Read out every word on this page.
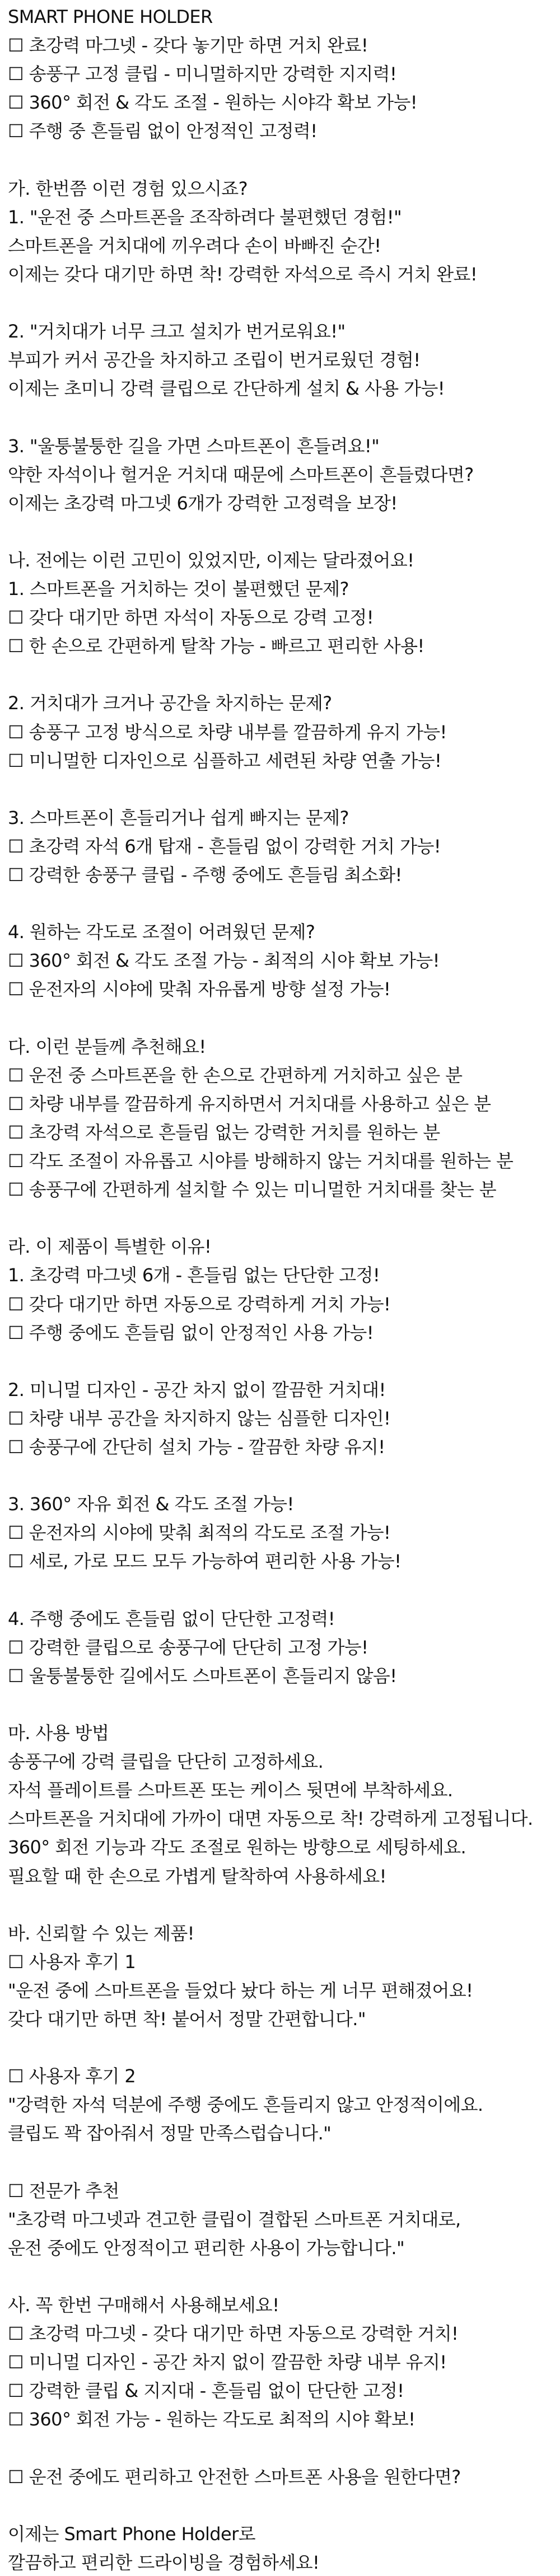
SMART PHONE HOLDER
☐ 초강력 마그넷 - 갖다 놓기만 하면 거치 완료!
☐ 송풍구 고정 클립 - 미니멀하지만 강력한 지지력!
☐ 360° 회전 & 각도 조절 - 원하는 시야각 확보 가능!
☐ 주행 중 흔들림 없이 안정적인 고정력!
가. 한번쯤 이런 경험 있으시죠?
1. "운전 중 스마트폰을 조작하려다 불편했던 경험!"
스마트폰을 거치대에 끼우려다 손이 바빠진 순간!
이제는 갖다 대기만 하면 착! 강력한 자석으로 즉시 거치 완료!
2. "거치대가 너무 크고 설치가 번거로워요!"
부피가 커서 공간을 차지하고 조립이 번거로웠던 경험!
이제는 초미니 강력 클립으로 간단하게 설치 & 사용 가능!
3. "울퉁불퉁한 길을 가면 스마트폰이 흔들려요!"
약한 자석이나 헐거운 거치대 때문에 스마트폰이 흔들렸다면?
이제는 초강력 마그넷 6개가 강력한 고정력을 보장!
나. 전에는 이런 고민이 있었지만, 이제는 달라졌어요!
1. 스마트폰을 거치하는 것이 불편했던 문제?
☐ 갖다 대기만 하면 자석이 자동으로 강력 고정!
☐ 한 손으로 간편하게 탈착 가능 - 빠르고 편리한 사용!
2. 거치대가 크거나 공간을 차지하는 문제?
☐ 송풍구 고정 방식으로 차량 내부를 깔끔하게 유지 가능!
☐ 미니멀한 디자인으로 심플하고 세련된 차량 연출 가능!
3. 스마트폰이 흔들리거나 쉽게 빠지는 문제?
☐ 초강력 자석 6개 탑재 - 흔들림 없이 강력한 거치 가능!
☐ 강력한 송풍구 클립 - 주행 중에도 흔들림 최소화!
4. 원하는 각도로 조절이 어려웠던 문제?
☐ 360° 회전 & 각도 조절 가능 - 최적의 시야 확보 가능!
☐ 운전자의 시야에 맞춰 자유롭게 방향 설정 가능!
다. 이런 분들께 추천해요!
☐ 운전 중 스마트폰을 한 손으로 간편하게 거치하고 싶은 분
☐ 차량 내부를 깔끔하게 유지하면서 거치대를 사용하고 싶은 분
☐ 초강력 자석으로 흔들림 없는 강력한 거치를 원하는 분
☐ 각도 조절이 자유롭고 시야를 방해하지 않는 거치대를 원하는 분
☐ 송풍구에 간편하게 설치할 수 있는 미니멀한 거치대를 찾는 분
라. 이 제품이 특별한 이유!
1. 초강력 마그넷 6개 - 흔들림 없는 단단한 고정!
☐ 갖다 대기만 하면 자동으로 강력하게 거치 가능!
☐ 주행 중에도 흔들림 없이 안정적인 사용 가능!
2. 미니멀 디자인 - 공간 차지 없이 깔끔한 거치대!
☐ 차량 내부 공간을 차지하지 않는 심플한 디자인!
☐ 송풍구에 간단히 설치 가능 - 깔끔한 차량 유지!
3. 360° 자유 회전 & 각도 조절 가능!
☐ 운전자의 시야에 맞춰 최적의 각도로 조절 가능!
☐ 세로, 가로 모드 모두 가능하여 편리한 사용 가능!
4. 주행 중에도 흔들림 없이 단단한 고정력!
☐ 강력한 클립으로 송풍구에 단단히 고정 가능!
☐ 울퉁불퉁한 길에서도 스마트폰이 흔들리지 않음!
마. 사용 방법
송풍구에 강력 클립을 단단히 고정하세요.
자석 플레이트를 스마트폰 또는 케이스 뒷면에 부착하세요.
스마트폰을 거치대에 가까이 대면 자동으로 착! 강력하게 고정됩니다.
360° 회전 기능과 각도 조절로 원하는 방향으로 세팅하세요.
필요할 때 한 손으로 가볍게 탈착하여 사용하세요!
바. 신뢰할 수 있는 제품!
☐ 사용자 후기 1
"운전 중에 스마트폰을 들었다 놨다 하는 게 너무 편해졌어요!
갖다 대기만 하면 착! 붙어서 정말 간편합니다."
☐ 사용자 후기 2
"강력한 자석 덕분에 주행 중에도 흔들리지 않고 안정적이에요.
클립도 꽉 잡아줘서 정말 만족스럽습니다."
☐ 전문가 추천
"초강력 마그넷과 견고한 클립이 결합된 스마트폰 거치대로,
운전 중에도 안정적이고 편리한 사용이 가능합니다."
사. 꼭 한번 구매해서 사용해보세요!
☐ 초강력 마그넷 - 갖다 대기만 하면 자동으로 강력한 거치!
☐ 미니멀 디자인 - 공간 차지 없이 깔끔한 차량 내부 유지!
☐ 강력한 클립 & 지지대 - 흔들림 없이 단단한 고정!
☐ 360° 회전 가능 - 원하는 각도로 최적의 시야 확보!
☐ 운전 중에도 편리하고 안전한 스마트폰 사용을 원한다면?
이제는 Smart Phone Holder로
깔끔하고 편리한 드라이빙을 경험하세요!
